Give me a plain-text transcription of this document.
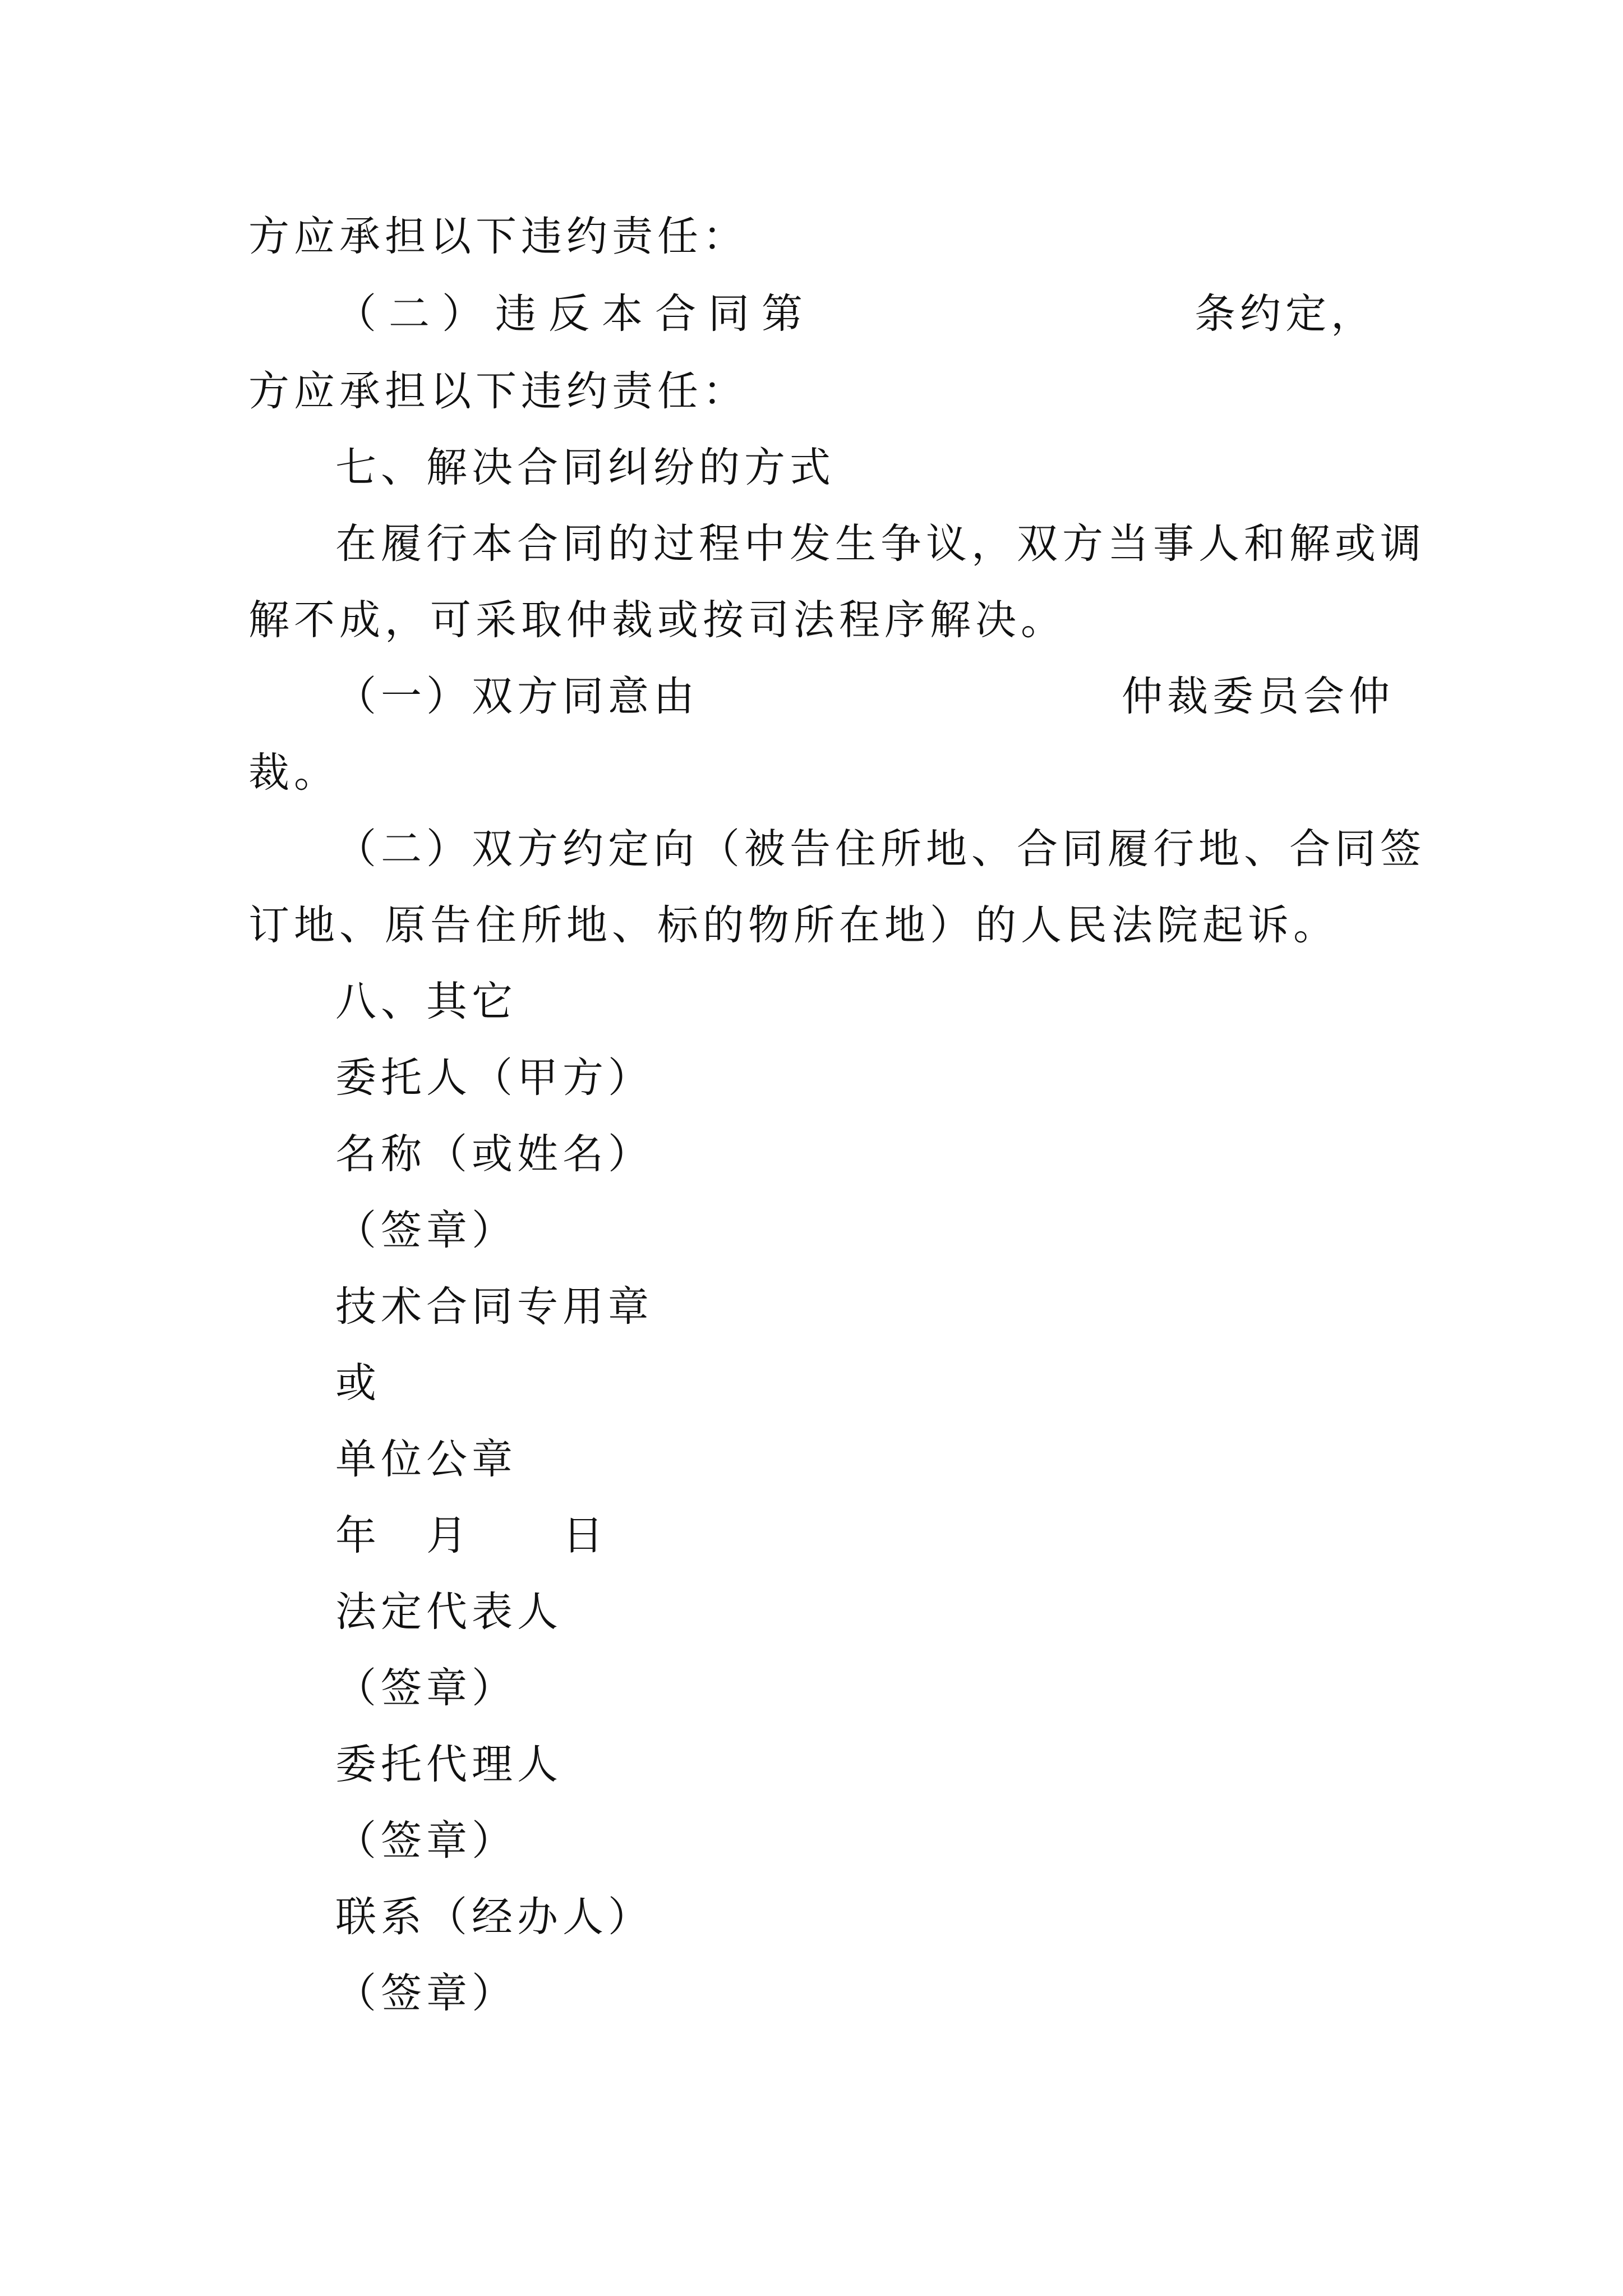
方应承担以下违约责任：
（二）违反本合同第	条约定，
方应承担以下违约责任：
七、解决合同纠纷的方式
在履行本合同的过程中发生争议，双方当事人和解或调
解不成，可采取仲裁或按司法程序解决。
（一）双方同意由	仲裁委员会仲
裁。
（二）双方约定向（被告住所地、合同履行地、合同签
订地、原告住所地、标的物所在地）的人民法院起诉。
八、其它
委托人（甲方）
名称（或姓名）
（签章）
技术合同专用章
或
单位公章
年　月　　日
法定代表人
（签章）
委托代理人
（签章）
联系（经办人）
（签章）
